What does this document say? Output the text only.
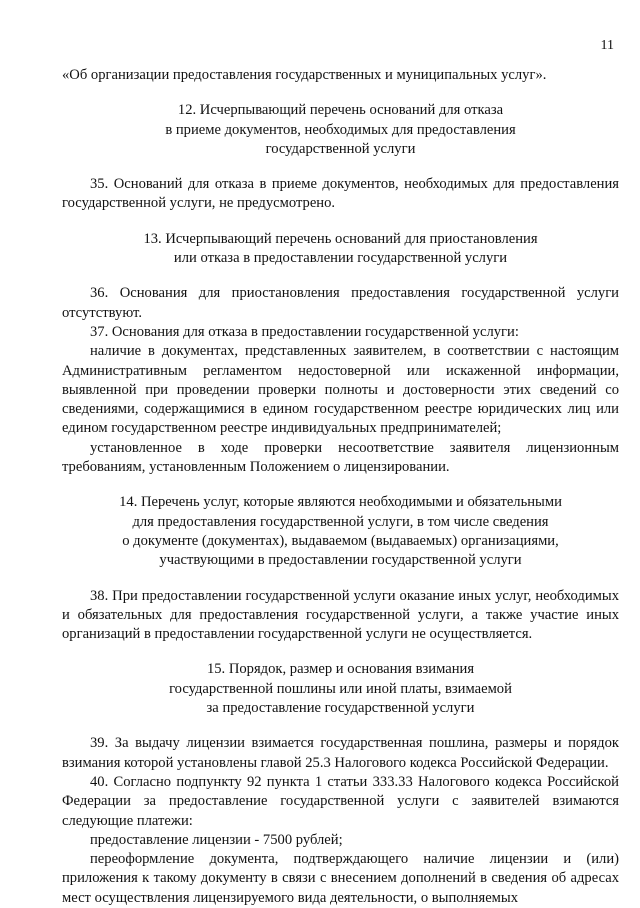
11

«Об организации предоставления государственных и муниципальных услуг».

12. Исчерпывающий перечень оснований для отказа

в приеме документов, необходимых для предоставления

государственной услуги

35. Оснований для отказа в приеме документов, необходимых для предоставления государственной услуги, не предусмотрено.

13. Исчерпывающий перечень оснований для приостановления

или отказа в предоставлении государственной услуги

36. Основания для приостановления предоставления государственной услуги отсутствуют.

37. Основания для отказа в предоставлении государственной услуги:

наличие в документах, представленных заявителем, в соответствии с настоящим Административным регламентом недостоверной или искаженной информации, выявленной при проведении проверки полноты и достоверности этих сведений со сведениями, содержащимися в едином государственном реестре юридических лиц или едином государственном реестре индивидуальных предпринимателей;

установленное в ходе проверки несоответствие заявителя лицензионным требованиям, установленным Положением о лицензировании.

14. Перечень услуг, которые являются необходимыми и обязательными

для предоставления государственной услуги, в том числе сведения

о документе (документах), выдаваемом (выдаваемых) организациями,

участвующими в предоставлении государственной услуги

38. При предоставлении государственной услуги оказание иных услуг, необходимых и обязательных для предоставления государственной услуги, а также участие иных организаций в предоставлении государственной услуги не осуществляется.

15. Порядок, размер и основания взимания

государственной пошлины или иной платы, взимаемой

за предоставление государственной услуги

39. За выдачу лицензии взимается государственная пошлина, размеры и порядок взимания которой установлены главой 25.3 Налогового кодекса Российской Федерации.

40. Согласно подпункту 92 пункта 1 статьи 333.33 Налогового кодекса Российской Федерации за предоставление государственной услуги с заявителей взимаются следующие платежи:

предоставление лицензии - 7500 рублей;

переоформление документа, подтверждающего наличие лицензии и (или) приложения к такому документу в связи с внесением дополнений в сведения об адресах мест осуществления лицензируемого вида деятельности, о выполняемых
